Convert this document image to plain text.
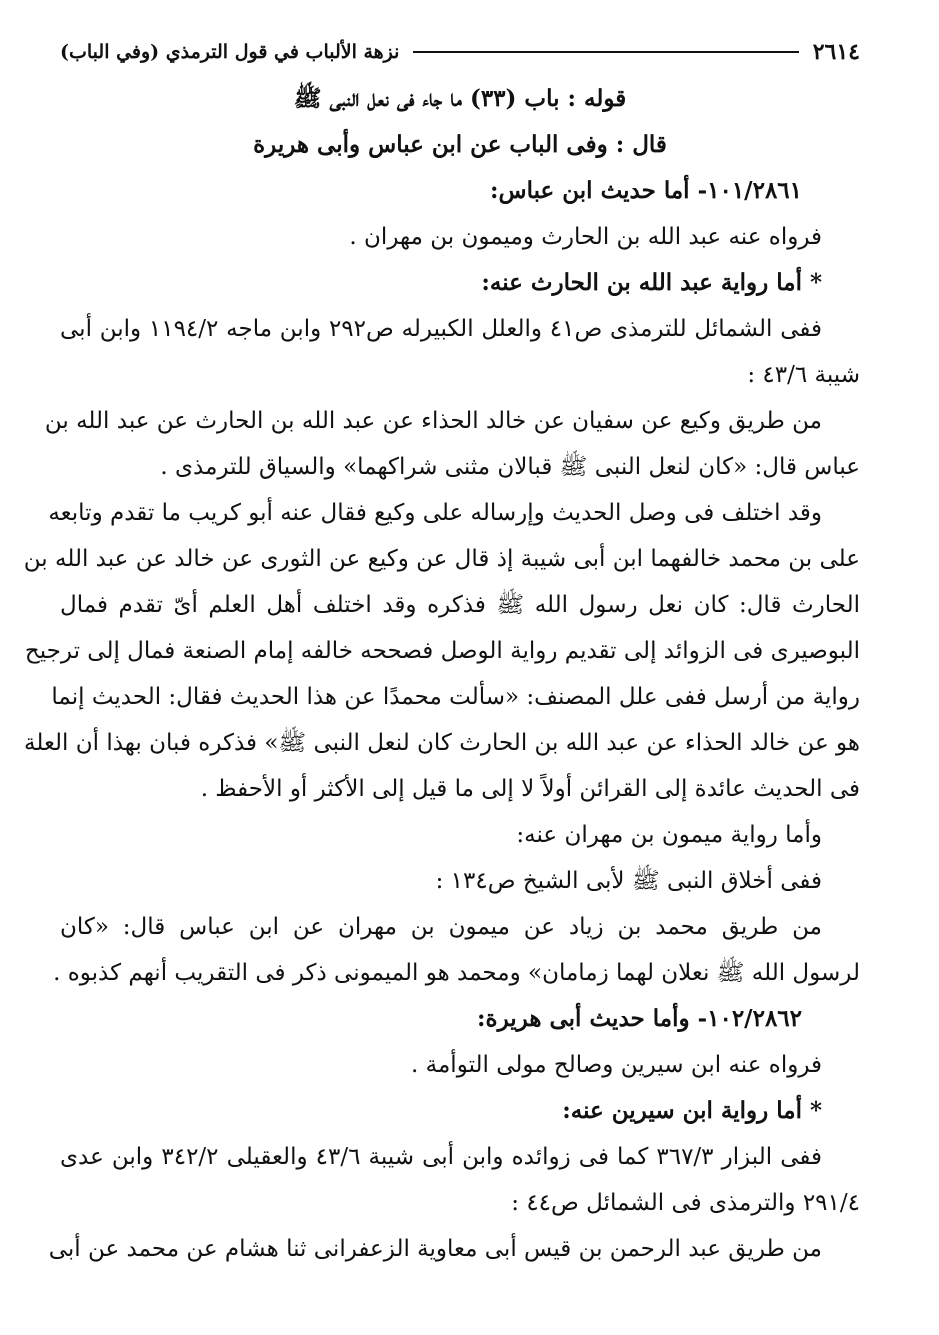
٢٦١٤
نزهة الألباب في قول الترمذي (وفي الباب)
قوله : باب (٣٣) ما جاء فى نعل النبى ﷺ
قال : وفى الباب عن ابن عباس وأبى هريرة
١٠١/٢٨٦١- أما حديث ابن عباس:
فرواه عنه عبد الله بن الحارث وميمون بن مهران .
* أما رواية عبد الله بن الحارث عنه:
ففى الشمائل للترمذى ص٤١ والعلل الكبيرله ص٢٩٢ وابن ماجه ١١٩٤/٢ وابن أبى
شيبة ٤٣/٦ :
من طريق وكيع عن سفيان عن خالد الحذاء عن عبد الله بن الحارث عن عبد الله بن
عباس قال: «كان لنعل النبى ﷺ قبالان مثنى شراكهما» والسياق للترمذى .
وقد اختلف فى وصل الحديث وإرساله على وكيع فقال عنه أبو كريب ما تقدم وتابعه
على بن محمد خالفهما ابن أبى شيبة إذ قال عن وكيع عن الثورى عن خالد عن عبد الله بن
الحارث قال: كان نعل رسول الله ﷺ فذكره وقد اختلف أهل العلم أىّ تقدم فمال
البوصيرى فى الزوائد إلى تقديم رواية الوصل فصححه خالفه إمام الصنعة فمال إلى ترجيح
رواية من أرسل ففى علل المصنف: «سألت محمدًا عن هذا الحديث فقال: الحديث إنما
هو عن خالد الحذاء عن عبد الله بن الحارث كان لنعل النبى ﷺ» فذكره فبان بهذا أن العلة
فى الحديث عائدة إلى القرائن أولاً لا إلى ما قيل إلى الأكثر أو الأحفظ .
وأما رواية ميمون بن مهران عنه:
ففى أخلاق النبى ﷺ لأبى الشيخ ص١٣٤ :
من طريق محمد بن زياد عن ميمون بن مهران عن ابن عباس قال: «كان
لرسول الله ﷺ نعلان لهما زمامان» ومحمد هو الميمونى ذكر فى التقريب أنهم كذبوه .
١٠٢/٢٨٦٢- وأما حديث أبى هريرة:
فرواه عنه ابن سيرين وصالح مولى التوأمة .
* أما رواية ابن سيرين عنه:
ففى البزار ٣٦٧/٣ كما فى زوائده وابن أبى شيبة ٤٣/٦ والعقيلى ٣٤٢/٢ وابن عدى
٢٩١/٤ والترمذى فى الشمائل ص٤٤ :
من طريق عبد الرحمن بن قيس أبى معاوية الزعفرانى ثنا هشام عن محمد عن أبى
